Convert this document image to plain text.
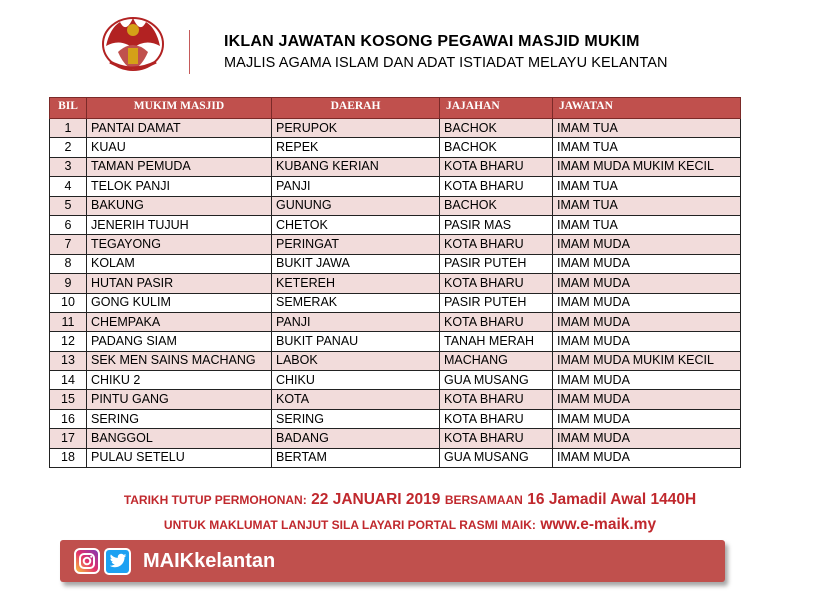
IKLAN JAWATAN KOSONG PEGAWAI MASJID MUKIM
MAJLIS AGAMA ISLAM DAN ADAT ISTIADAT MELAYU KELANTAN
BIL	MUKIM MASJID	DAERAH	JAJAHAN	JAWATAN
1	PANTAI DAMAT	PERUPOK	BACHOK	IMAM TUA
2	KUAU	REPEK	BACHOK	IMAM TUA
3	TAMAN PEMUDA	KUBANG KERIAN	KOTA BHARU	IMAM MUDA MUKIM KECIL
4	TELOK PANJI	PANJI	KOTA BHARU	IMAM TUA
5	BAKUNG	GUNUNG	BACHOK	IMAM TUA
6	JENERIH TUJUH	CHETOK	PASIR MAS	IMAM TUA
7	TEGAYONG	PERINGAT	KOTA BHARU	IMAM MUDA
8	KOLAM	BUKIT JAWA	PASIR PUTEH	IMAM MUDA
9	HUTAN PASIR	KETEREH	KOTA BHARU	IMAM MUDA
10	GONG KULIM	SEMERAK	PASIR PUTEH	IMAM MUDA
11	CHEMPAKA	PANJI	KOTA BHARU	IMAM MUDA
12	PADANG SIAM	BUKIT PANAU	TANAH MERAH	IMAM MUDA
13	SEK MEN SAINS MACHANG	LABOK	MACHANG	IMAM MUDA MUKIM KECIL
14	CHIKU 2	CHIKU	GUA MUSANG	IMAM MUDA
15	PINTU GANG	KOTA	KOTA BHARU	IMAM MUDA
16	SERING	SERING	KOTA BHARU	IMAM MUDA
17	BANGGOL	BADANG	KOTA BHARU	IMAM MUDA
18	PULAU SETELU	BERTAM	GUA MUSANG	IMAM MUDA
TARIKH TUTUP PERMOHONAN: 22 JANUARI 2019 BERSAMAAN 16 Jamadil Awal 1440H
UNTUK MAKLUMAT LANJUT SILA LAYARI PORTAL RASMI MAIK: www.e-maik.my
MAIKkelantan
